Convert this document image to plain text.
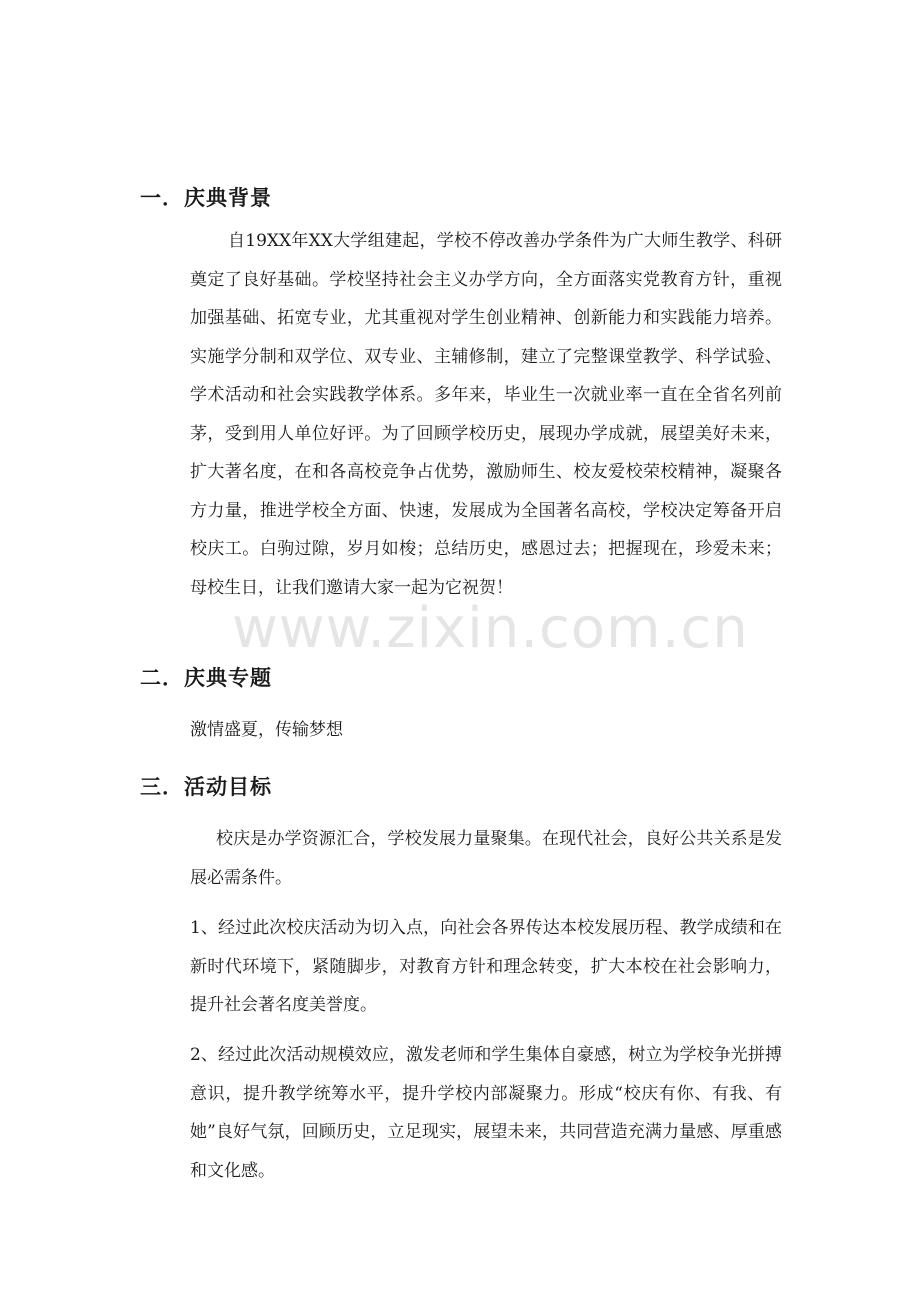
一．庆典背景

自19XX年XX大学组建起，学校不停改善办学条件为广大师生教学、科研奠定了良好基础。学校坚持社会主义办学方向，全方面落实党教育方针，重视加强基础、拓宽专业，尤其重视对学生创业精神、创新能力和实践能力培养。实施学分制和双学位、双专业、主辅修制，建立了完整课堂教学、科学试验、学术活动和社会实践教学体系。多年来，毕业生一次就业率一直在全省名列前茅，受到用人单位好评。为了回顾学校历史，展现办学成就，展望美好未来，扩大著名度，在和各高校竞争占优势，激励师生、校友爱校荣校精神，凝聚各方力量，推进学校全方面、快速，发展成为全国著名高校，学校决定筹备开启校庆工。白驹过隙，岁月如梭；总结历史，感恩过去；把握现在，珍爱未来；母校生日，让我们邀请大家一起为它祝贺！

二．庆典专题

激情盛夏，传输梦想

三．活动目标

校庆是办学资源汇合，学校发展力量聚集。在现代社会，良好公共关系是发展必需条件。

1、经过此次校庆活动为切入点，向社会各界传达本校发展历程、教学成绩和在新时代环境下，紧随脚步，对教育方针和理念转变，扩大本校在社会影响力，提升社会著名度美誉度。

2、经过此次活动规模效应，激发老师和学生集体自豪感，树立为学校争光拼搏意识，提升教学统筹水平，提升学校内部凝聚力。形成“校庆有你、有我、有她”良好气氛，回顾历史，立足现实，展望未来，共同营造充满力量感、厚重感和文化感。

www.zixin.com.cn
